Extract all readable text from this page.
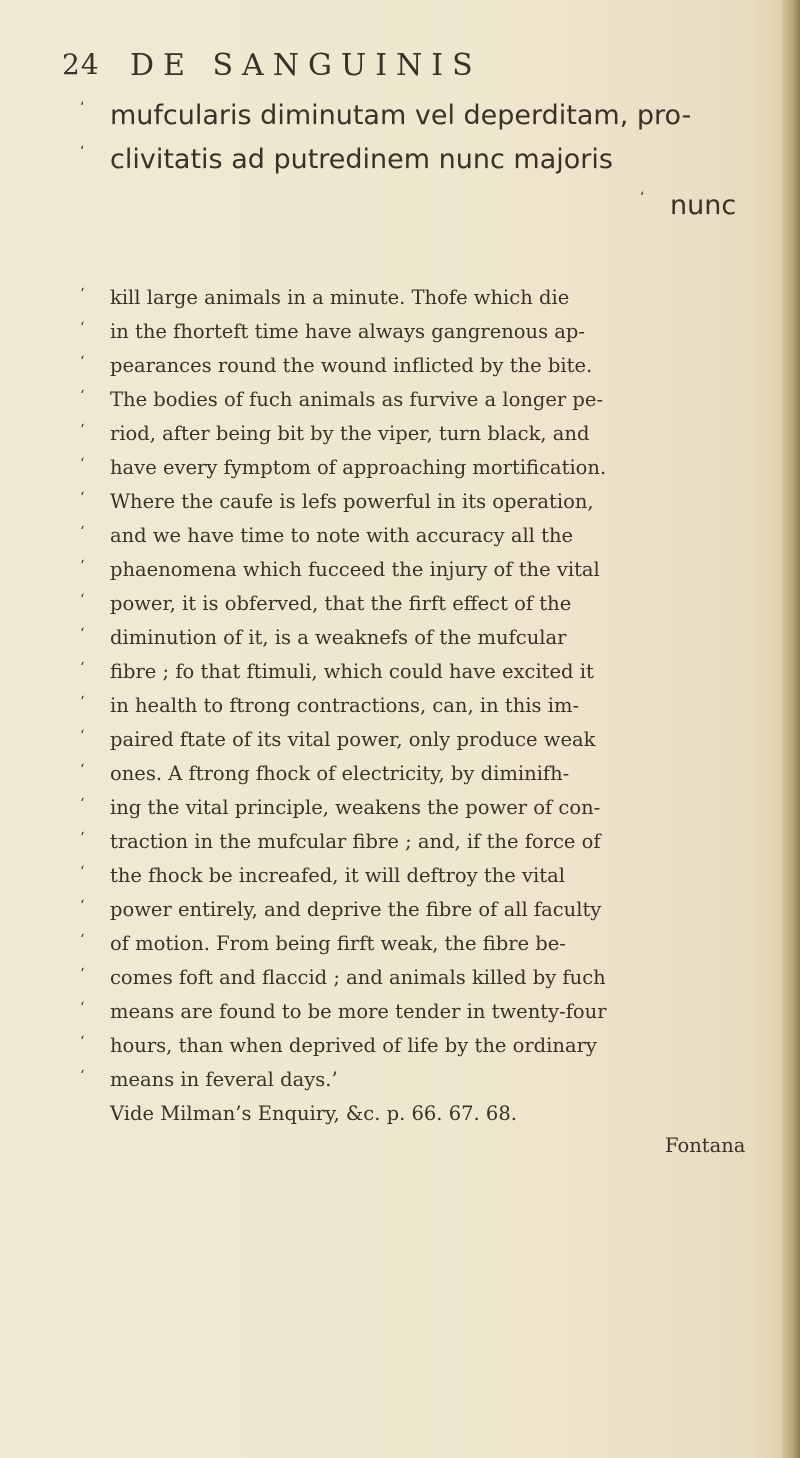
24 DE SANGUINIS
‘ mufcularis diminutam vel deperditam, pro-
‘ clivitatis ad putredinem nunc majoris
‘ nunc
‘ kill large animals in a minute. Thofe which die
‘ in the fhorteft time have always gangrenous ap-
‘ pearances round the wound inflicted by the bite.
‘ The bodies of fuch animals as furvive a longer pe-
‘ riod, after being bit by the viper, turn black, and
‘ have every fymptom of approaching mortification.
‘ Where the caufe is lefs powerful in its operation,
‘ and we have time to note with accuracy all the
‘ phaenomena which fucceed the injury of the vital
‘ power, it is obferved, that the firft effect of the
‘ diminution of it, is a weaknefs of the mufcular
‘ fibre ; fo that ftimuli, which could have excited it
‘ in health to ftrong contractions, can, in this im-
‘ paired ftate of its vital power, only produce weak
‘ ones. A ftrong fhock of electricity, by diminifh-
‘ ing the vital principle, weakens the power of con-
‘ traction in the mufcular fibre ; and, if the force of
‘ the fhock be increafed, it will deftroy the vital
‘ power entirely, and deprive the fibre of all faculty
‘ of motion. From being firft weak, the fibre be-
‘ comes foft and flaccid ; and animals killed by fuch
‘ means are found to be more tender in twenty-four
‘ hours, than when deprived of life by the ordinary
‘ means in feveral days.’
Vide Milman’s Enquiry, &c. p. 66. 67. 68.
Fontana
